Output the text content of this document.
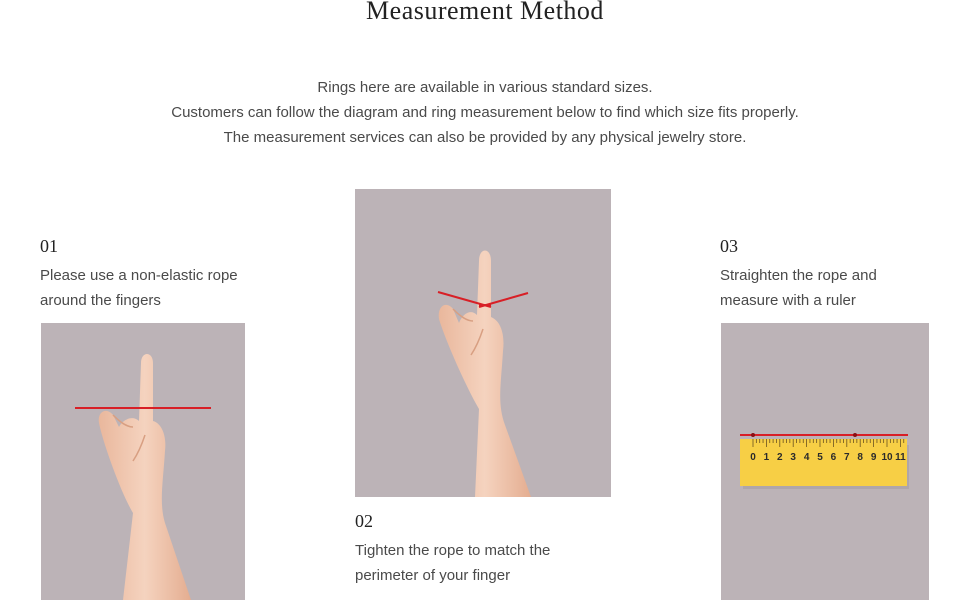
Measurement Method

Rings here are available in various standard sizes.

Customers can follow the diagram and ring measurement below to find which size fits properly.

The measurement services can also be provided by any physical jewelry store.

01
Please use a non-elastic rope
around the fingers
02
Tighten the rope to match the
perimeter of your finger
03
Straighten the rope and
measure with a ruler
0 1 2 3 4 5 6 7 8 9 10 11
